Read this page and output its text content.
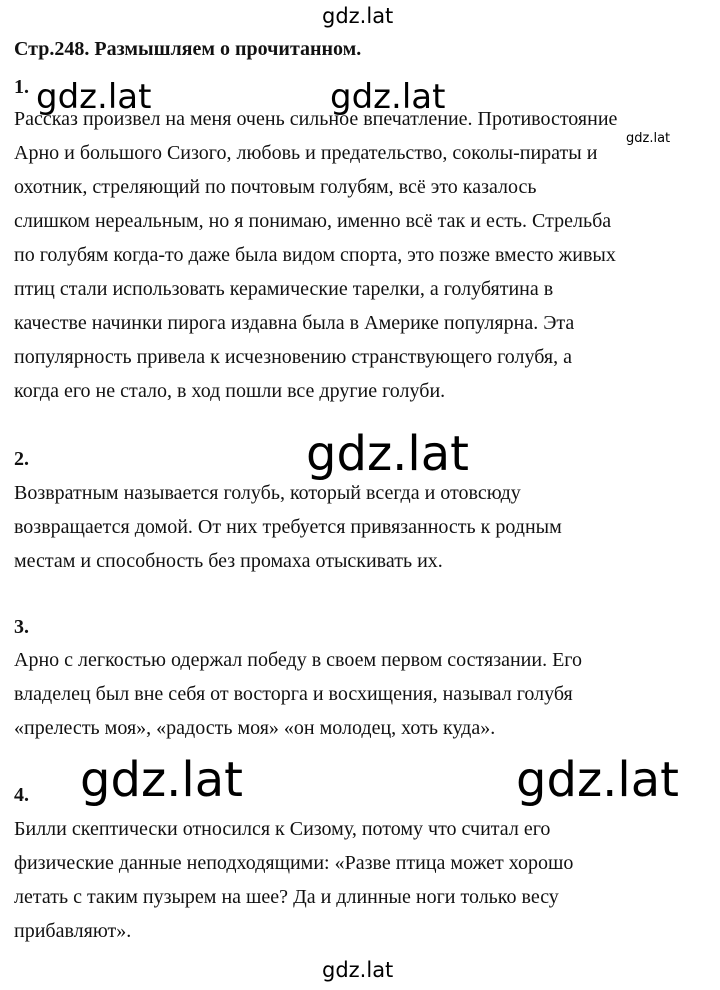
gdz.lat
gdz.lat	gdz.lat
gdz.lat
gdz.lat
gdz.lat	gdz.lat
gdz.lat
Стр.248. Размышляем о прочитанном.
1.
Рассказ произвел на меня очень сильное впечатление. Противостояние
Арно и большого Сизого, любовь и предательство, соколы-пираты и
охотник, стреляющий по почтовым голубям, всё это казалось
слишком нереальным, но я понимаю, именно всё так и есть. Стрельба
по голубям когда-то даже была видом спорта, это позже вместо живых
птиц стали использовать керамические тарелки, а голубятина в
качестве начинки пирога издавна была в Америке популярна. Эта
популярность привела к исчезновению странствующего голубя, а
когда его не стало, в ход пошли все другие голуби.
2.
Возвратным называется голубь, который всегда и отовсюду
возвращается домой. От них требуется привязанность к родным
местам и способность без промаха отыскивать их.
3.
Арно с легкостью одержал победу в своем первом состязании. Его
владелец был вне себя от восторга и восхищения, называл голубя
«прелесть моя», «радость моя» «он молодец, хоть куда».
4.
Билли скептически относился к Сизому, потому что считал его
физические данные неподходящими: «Разве птица может хорошо
летать с таким пузырем на шее? Да и длинные ноги только весу
прибавляют».
